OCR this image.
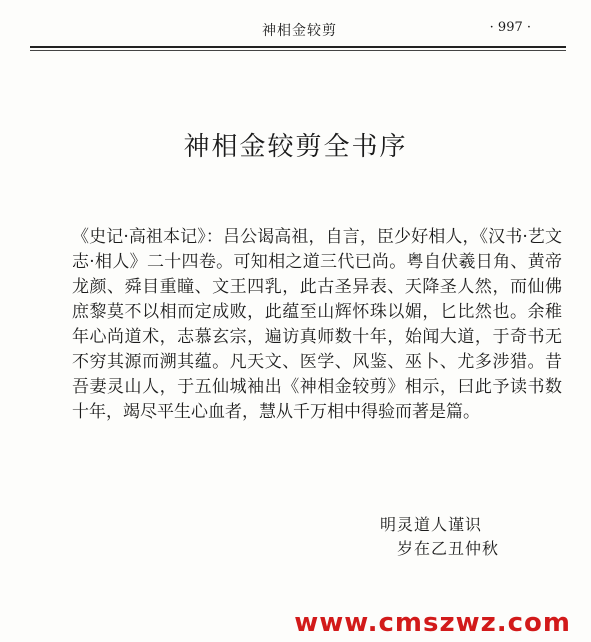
神相金较剪	· 997 ·
神相金较剪全书序

《史记·高祖本记》：吕公谒高祖，自言，臣少好相人，《汉书·艺文志·相人》二十四卷。可知相之道三代已尚。粤自伏羲日角、黄帝龙颜、舜目重瞳、文王四乳，此古圣异表、天降圣人然，而仙佛庶黎莫不以相而定成败，此蕴至山辉怀珠以媚，匕比然也。余稚年心尚道术，志慕玄宗，遍访真师数十年，始闻大道，于奇书无不穷其源而溯其蕴。凡天文、医学、风鉴、巫卜、尤多涉猎。昔吾妻灵山人，于五仙城袖出《神相金较剪》相示，曰此予读书数十年，竭尽平生心血者，慧从千万相中得验而著是篇。

明灵道人谨识
岁在乙丑仲秋
www.cmszwz.com
